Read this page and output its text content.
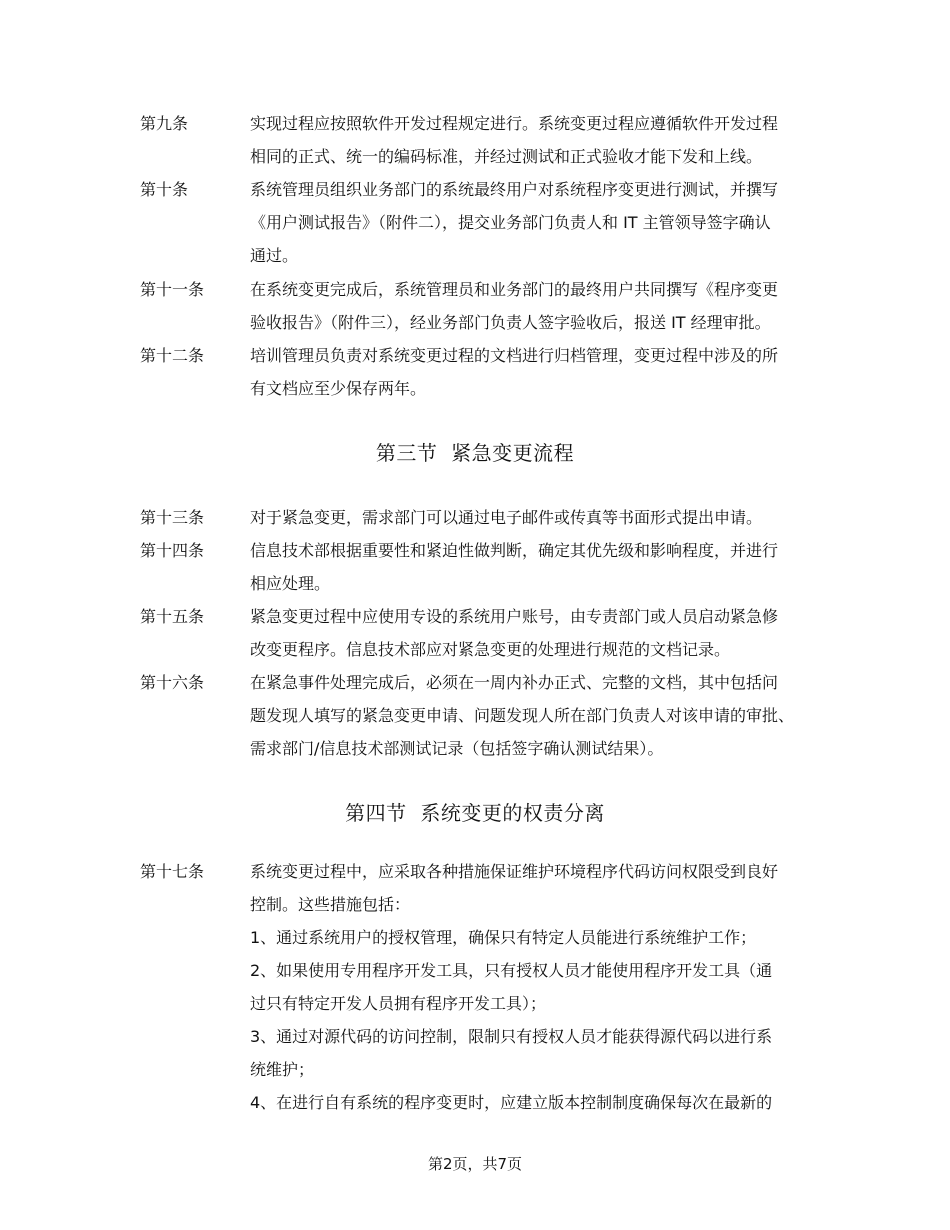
第九条	实现过程应按照软件开发过程规定进行。系统变更过程应遵循软件开发过程
相同的正式、统一的编码标准，并经过测试和正式验收才能下发和上线。
第十条	系统管理员组织业务部门的系统最终用户对系统程序变更进行测试，并撰写
《用户测试报告》（附件二），提交业务部门负责人和 IT 主管领导签字确认
通过。
第十一条	在系统变更完成后，系统管理员和业务部门的最终用户共同撰写《程序变更
验收报告》（附件三），经业务部门负责人签字验收后，报送 IT 经理审批。
第十二条	培训管理员负责对系统变更过程的文档进行归档管理，变更过程中涉及的所
有文档应至少保存两年。
第三节  紧急变更流程
第十三条	对于紧急变更，需求部门可以通过电子邮件或传真等书面形式提出申请。
第十四条	信息技术部根据重要性和紧迫性做判断，确定其优先级和影响程度，并进行
相应处理。
第十五条	紧急变更过程中应使用专设的系统用户账号，由专责部门或人员启动紧急修
改变更程序。信息技术部应对紧急变更的处理进行规范的文档记录。
第十六条	在紧急事件处理完成后，必须在一周内补办正式、完整的文档，其中包括问
题发现人填写的紧急变更申请、问题发现人所在部门负责人对该申请的审批、
需求部门/信息技术部测试记录（包括签字确认测试结果）。
第四节  系统变更的权责分离
第十七条	系统变更过程中，应采取各种措施保证维护环境程序代码访问权限受到良好
控制。这些措施包括：
1、通过系统用户的授权管理，确保只有特定人员能进行系统维护工作；
2、如果使用专用程序开发工具，只有授权人员才能使用程序开发工具（通
过只有特定开发人员拥有程序开发工具）；
3、通过对源代码的访问控制，限制只有授权人员才能获得源代码以进行系
统维护；
4、在进行自有系统的程序变更时，应建立版本控制制度确保每次在最新的
第2页，共7页
